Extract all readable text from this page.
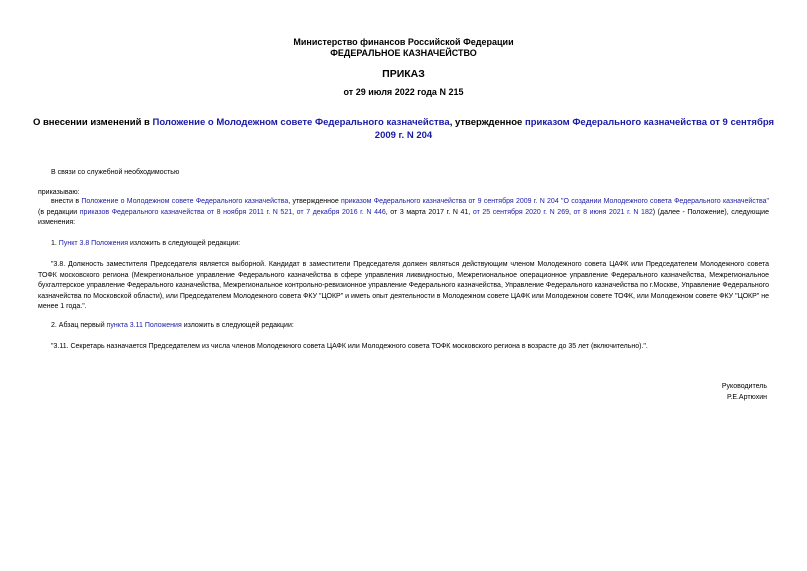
Министерство финансов Российской Федерации
ФЕДЕРАЛЬНОЕ КАЗНАЧЕЙСТВО
ПРИКАЗ
от 29 июля 2022 года N 215
О внесении изменений в Положение о Молодежном совете Федерального казначейства, утвержденное приказом Федерального казначейства от 9 сентября 2009 г. N 204
В связи со служебной необходимостью
приказываю:
внести в Положение о Молодежном совете Федерального казначейства, утвержденное приказом Федерального казначейства от 9 сентября 2009 г. N 204 "О создании Молодежного совета Федерального казначейства" (в редакции приказов Федерального казначейства от 8 ноября 2011 г. N 521, от 7 декабря 2016 г. N 446, от 3 марта 2017 г. N 41, от 25 сентября 2020 г. N 269, от 8 июня 2021 г. N 182) (далее - Положение), следующие изменения:
1. Пункт 3.8 Положения изложить в следующей редакции:
"3.8. Должность заместителя Председателя является выборной. Кандидат в заместители Председателя должен являться действующим членом Молодежного совета ЦАФК или Председателем Молодежного совета ТОФК московского региона (Межрегиональное управление Федерального казначейства в сфере управления ликвидностью, Межрегиональное операционное управление Федерального казначейства, Межрегиональное бухгалтерское управление Федерального казначейства, Межрегиональное контрольно-ревизионное управление Федерального казначейства, Управление Федерального казначейства по г.Москве, Управление Федерального казначейства по Московской области), или Председателем Молодежного совета ФКУ "ЦОКР" и иметь опыт деятельности в Молодежном совете ЦАФК или Молодежном совете ТОФК, или Молодежном совете ФКУ "ЦОКР" не менее 1 года.".
2. Абзац первый пункта 3.11 Положения изложить в следующей редакции:
"3.11. Секретарь назначается Председателем из числа членов Молодежного совета ЦАФК или Молодежного совета ТОФК московского региона в возрасте до 35 лет (включительно).".
Руководитель
Р.Е.Артюхин
